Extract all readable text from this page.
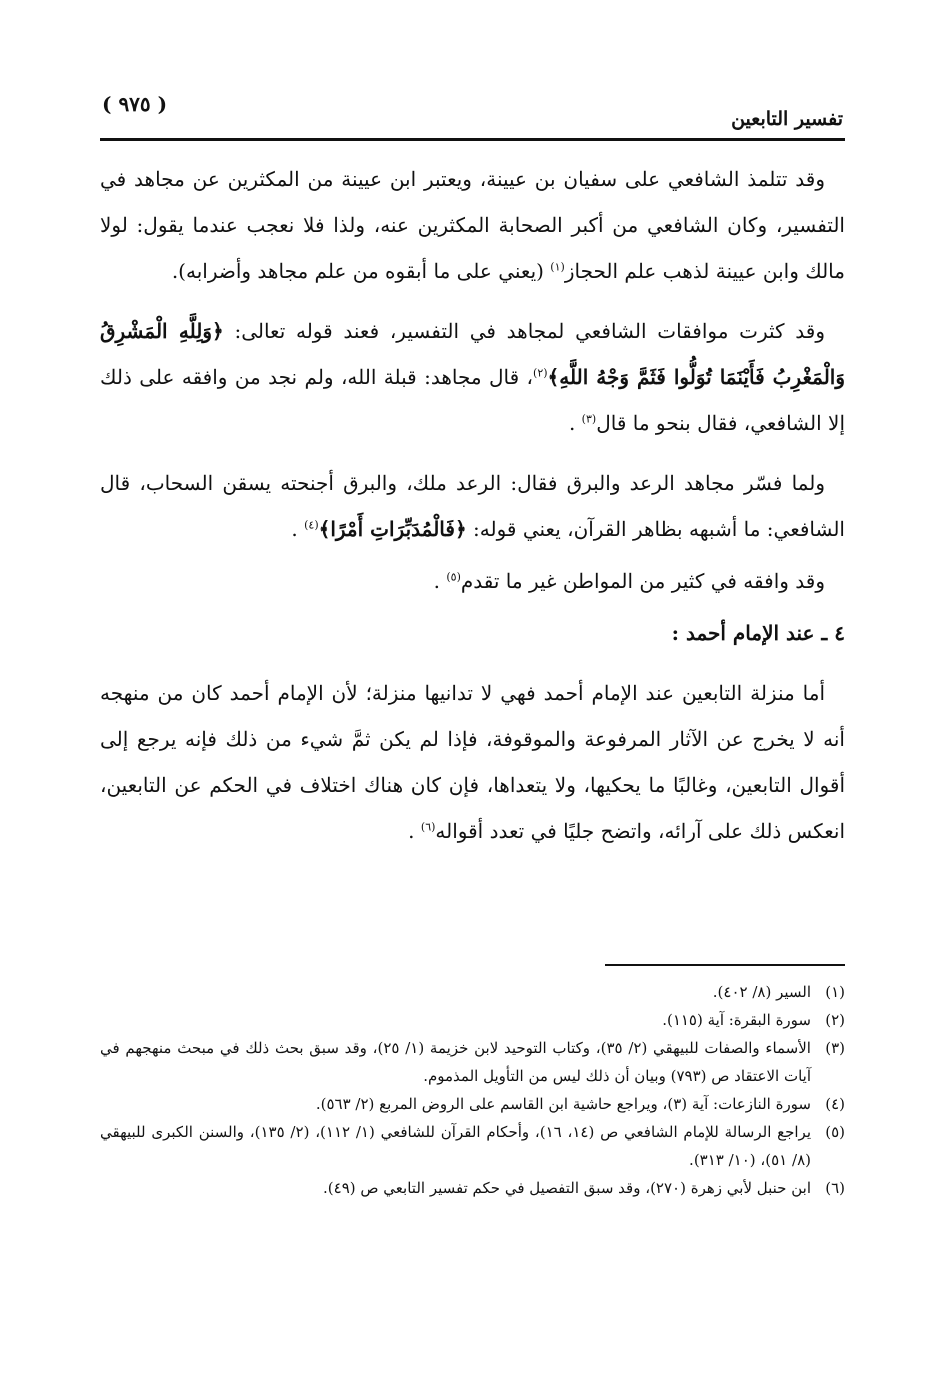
تفسير التابعين
( ٩٧٥ )

وقد تتلمذ الشافعي على سفيان بن عيينة، ويعتبر ابن عيينة من المكثرين عن مجاهد في التفسير، وكان الشافعي من أكبر الصحابة المكثرين عنه، ولذا فلا نعجب عندما يقول: لولا مالك وابن عيينة لذهب علم الحجاز$^{(١)}$ (يعني على ما أبقوه من علم مجاهد وأضرابه).

وقد كثرت موافقات الشافعي لمجاهد في التفسير، فعند قوله تعالى: ﴿وَلِلَّهِ الْمَشْرِقُ وَالْمَغْرِبُ فَأَيْنَمَا تُوَلُّوا فَثَمَّ وَجْهُ اللَّهِ﴾$^{(٢)}$، قال مجاهد: قبلة الله، ولم نجد من وافقه على ذلك إلا الشافعي، فقال بنحو ما قال$^{(٣)}$ .

ولما فسّر مجاهد الرعد والبرق فقال: الرعد ملك، والبرق أجنحته يسقن السحاب، قال الشافعي: ما أشبهه بظاهر القرآن، يعني قوله: ﴿فَالْمُدَبِّرَاتِ أَمْرًا﴾$^{(٤)}$ .

وقد وافقه في كثير من المواطن غير ما تقدم$^{(٥)}$ .

٤ ـ عند الإمام أحمد :

أما منزلة التابعين عند الإمام أحمد فهي لا تدانيها منزلة؛ لأن الإمام أحمد كان من منهجه أنه لا يخرج عن الآثار المرفوعة والموقوفة، فإذا لم يكن ثمَّ شيء من ذلك فإنه يرجع إلى أقوال التابعين، وغالبًا ما يحكيها، ولا يتعداها، فإن كان هناك اختلاف في الحكم عن التابعين، انعكس ذلك على آرائه، واتضح جليًا في تعدد أقواله$^{(٦)}$ .

(١)
السير (٨/ ٤٠٢).
(٢)
سورة البقرة: آية (١١٥).
(٣)
الأسماء والصفات للبيهقي (٢/ ٣٥)، وكتاب التوحيد لابن خزيمة (١/ ٢٥)، وقد سبق بحث ذلك في مبحث منهجهم في آيات الاعتقاد ص (٧٩٣) وبيان أن ذلك ليس من التأويل المذموم.
(٤)
سورة النازعات: آية (٣)، ويراجع حاشية ابن القاسم على الروض المربع (٢/ ٥٦٣).
(٥)
يراجع الرسالة للإمام الشافعي ص (١٤، ١٦)، وأحكام القرآن للشافعي (١/ ١١٢)، (٢/ ١٣٥)، والسنن الكبرى للبيهقي (٨/ ٥١)، (١٠/ ٣١٣).
(٦)
ابن حنبل لأبي زهرة (٢٧٠)، وقد سبق التفصيل في حكم تفسير التابعي ص (٤٩).
